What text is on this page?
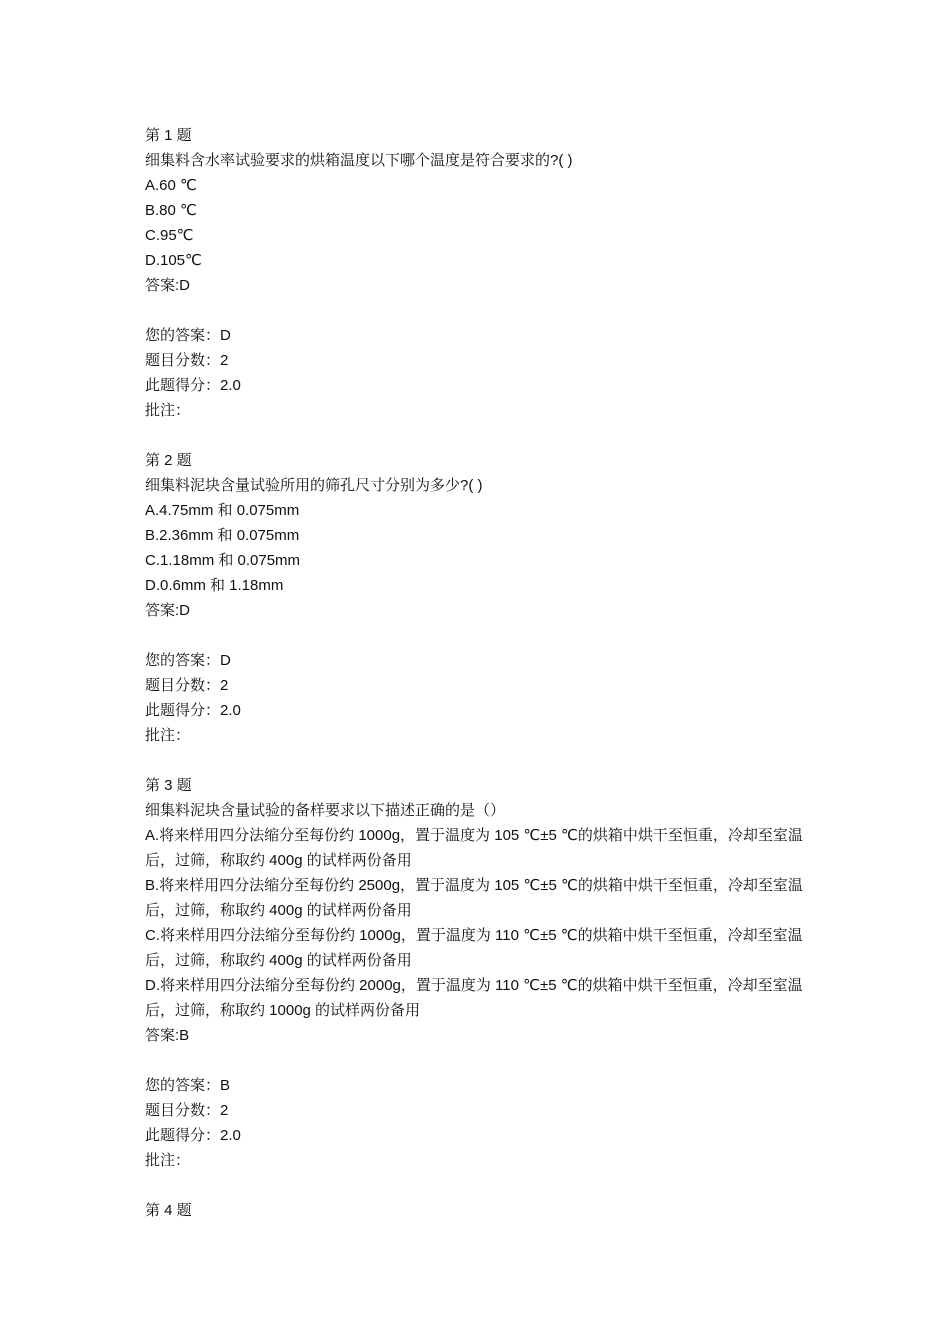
第 1 题
细集料含水率试验要求的烘箱温度以下哪个温度是符合要求的?( )
A.60 ℃
B.80 ℃
C.95℃
D.105℃
答案:D
您的答案：D
题目分数：2
此题得分：2.0
批注：
第 2 题
细集料泥块含量试验所用的筛孔尺寸分别为多少?( )
A.4.75mm 和 0.075mm
B.2.36mm 和 0.075mm
C.1.18mm 和 0.075mm
D.0.6mm 和 1.18mm
答案:D
您的答案：D
题目分数：2
此题得分：2.0
批注：
第 3 题
细集料泥块含量试验的备样要求以下描述正确的是（）
A.将来样用四分法缩分至每份约 1000g，置于温度为 105 ℃±5 ℃的烘箱中烘干至恒重，冷却至室温后，过筛，称取约 400g 的试样两份备用
B.将来样用四分法缩分至每份约 2500g，置于温度为 105 ℃±5 ℃的烘箱中烘干至恒重，冷却至室温后，过筛，称取约 400g 的试样两份备用
C.将来样用四分法缩分至每份约 1000g，置于温度为 110 ℃±5 ℃的烘箱中烘干至恒重，冷却至室温后，过筛，称取约 400g 的试样两份备用
D.将来样用四分法缩分至每份约 2000g，置于温度为 110 ℃±5 ℃的烘箱中烘干至恒重，冷却至室温后，过筛，称取约 1000g 的试样两份备用
答案:B
您的答案：B
题目分数：2
此题得分：2.0
批注：
第 4 题
